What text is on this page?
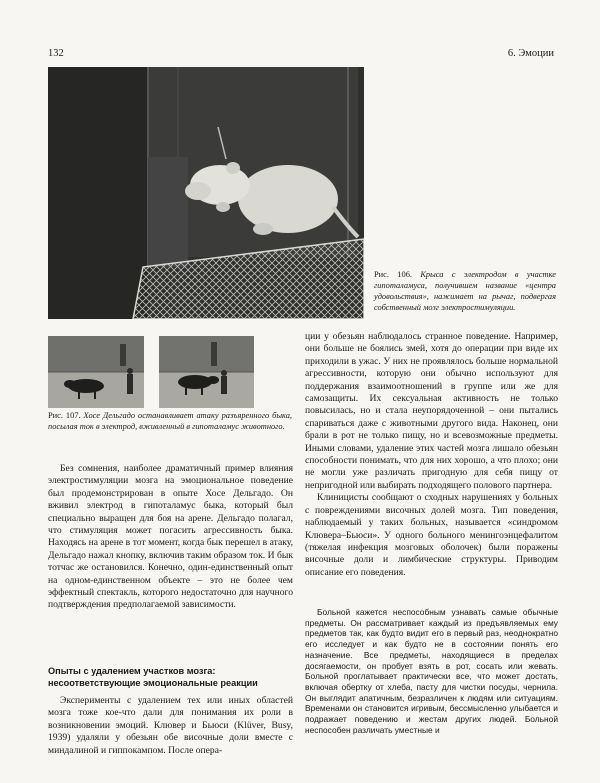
132	6. Эмоции
Рис. 106. Крыса с электродом в участке гипоталамуса, получившем название «центра удовольствия», нажимает на рычаг, подвергая собственный мозг электростимуляции.
Рис. 107. Хосе Дельгадо останавливает атаку разъяренного быка, посылая ток в электрод, вживленный в гипоталамус животного.

Без сомнения, наиболее драматичный пример влияния электростимуляции мозга на эмоциональное поведение был продемонстрирован в опыте Хосе Дельгадо. Он вживил электрод в гипоталамус быка, который был специально выращен для боя на арене. Дельгадо полагал, что стимуляция может погасить агрессивность быка. Находясь на арене в тот момент, когда бык перешел в атаку, Дельгадо нажал кнопку, включив таким образом ток. И бык тотчас же остановился. Конечно, один-единственный опыт на одном-единственном объекте – это не более чем эффектный спектакль, которого недостаточно для научного подтверждения предполагаемой зависимости.

Опыты с удалением участков мозга: несоответствующие эмоциональные реакции

Эксперименты с удалением тех или иных областей мозга тоже кое-что дали для понимания их роли в возникновении эмоций. Клювер и Бьюси (Klüver, Busy, 1939) удаляли у обезьян обе височные доли вместе с миндалиной и гиппокампом. После опера-

ции у обезьян наблюдалось странное поведение. Например, они больше не боялись змей, хотя до операции при виде их приходили в ужас. У них не проявлялось больше нормальной агрессивности, которую они обычно используют для поддержания взаимоотношений в группе или же для самозащиты. Их сексуальная активность не только повысилась, но и стала неупорядоченной – они пытались спариваться даже с животными другого вида. Наконец, они брали в рот не только пищу, но и всевозможные предметы. Иными словами, удаление этих частей мозга лишало обезьян способности понимать, что для них хорошо, а что плохо; они не могли уже различать пригодную для себя пищу от непригодной или выбирать подходящего полового партнера.

Клиницисты сообщают о сходных нарушениях у больных с повреждениями височных долей мозга. Тип поведения, наблюдаемый у таких больных, называется «синдромом Клювера–Бьюси». У одного больного менингоэнцефалитом (тяжелая инфекция мозговых оболочек) были поражены височные доли и лимбические структуры. Приводим описание его поведения.

Больной кажется неспособным узнавать самые обычные предметы. Он рассматривает каждый из предъявляемых ему предметов так, как будто видит его в первый раз, неоднократно его исследует и как будто не в состоянии понять его назначение. Все предметы, находящиеся в пределах досягаемости, он пробует взять в рот, сосать или жевать. Больной проглатывает практически все, что может достать, включая обертку от хлеба, пасту для чистки посуды, чернила. Он выглядит апатичным, безразличен к людям или ситуациям. Временами он становится игривым, бессмысленно улыбается и подражает поведению и жестам других людей. Больной неспособен различать уместные и
